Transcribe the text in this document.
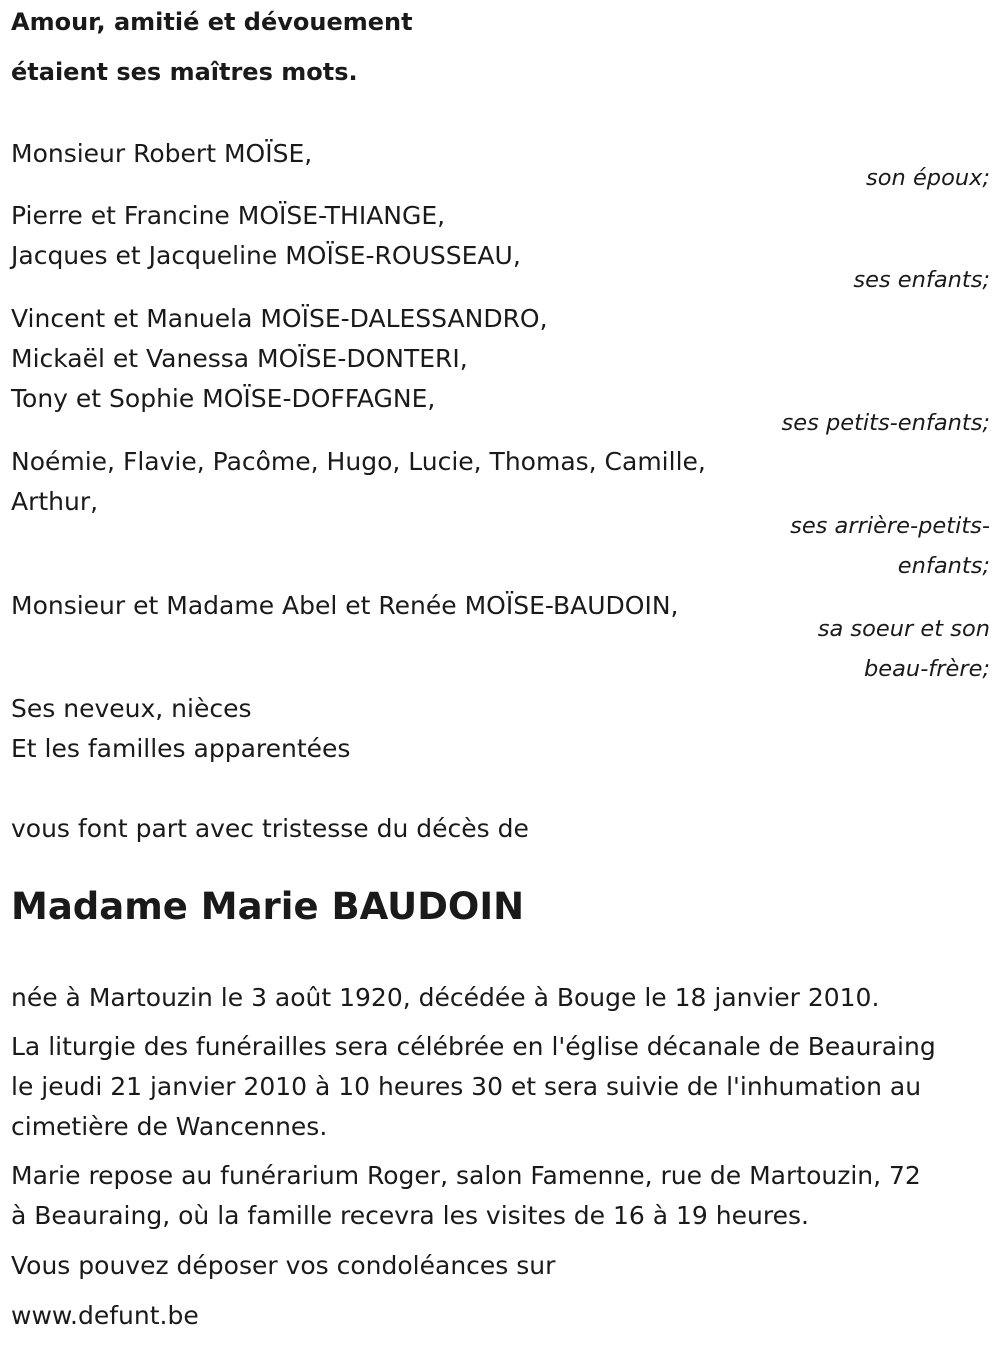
Amour, amitié et dévouement
étaient ses maîtres mots.
Monsieur Robert MOÏSE,
son époux;
Pierre et Francine MOÏSE-THIANGE,
Jacques et Jacqueline MOÏSE-ROUSSEAU,
ses enfants;
Vincent et Manuela MOÏSE-DALESSANDRO,
Mickaël et Vanessa MOÏSE-DONTERI,
Tony et Sophie MOÏSE-DOFFAGNE,
ses petits-enfants;
Noémie, Flavie, Pacôme, Hugo, Lucie, Thomas, Camille,
Arthur,
ses arrière-petits-
enfants;
Monsieur et Madame Abel et Renée MOÏSE-BAUDOIN,
sa soeur et son
beau-frère;
Ses neveux, nièces
Et les familles apparentées
vous font part avec tristesse du décès de
Madame Marie BAUDOIN
née à Martouzin le 3 août 1920, décédée à Bouge le 18 janvier 2010.
La liturgie des funérailles sera célébrée en l'église décanale de Beauraing
le jeudi 21 janvier 2010 à 10 heures 30 et sera suivie de l'inhumation au
cimetière de Wancennes.
Marie repose au funérarium Roger, salon Famenne, rue de Martouzin, 72
à Beauraing, où la famille recevra les visites de 16 à 19 heures.
Vous pouvez déposer vos condoléances sur
www.defunt.be
